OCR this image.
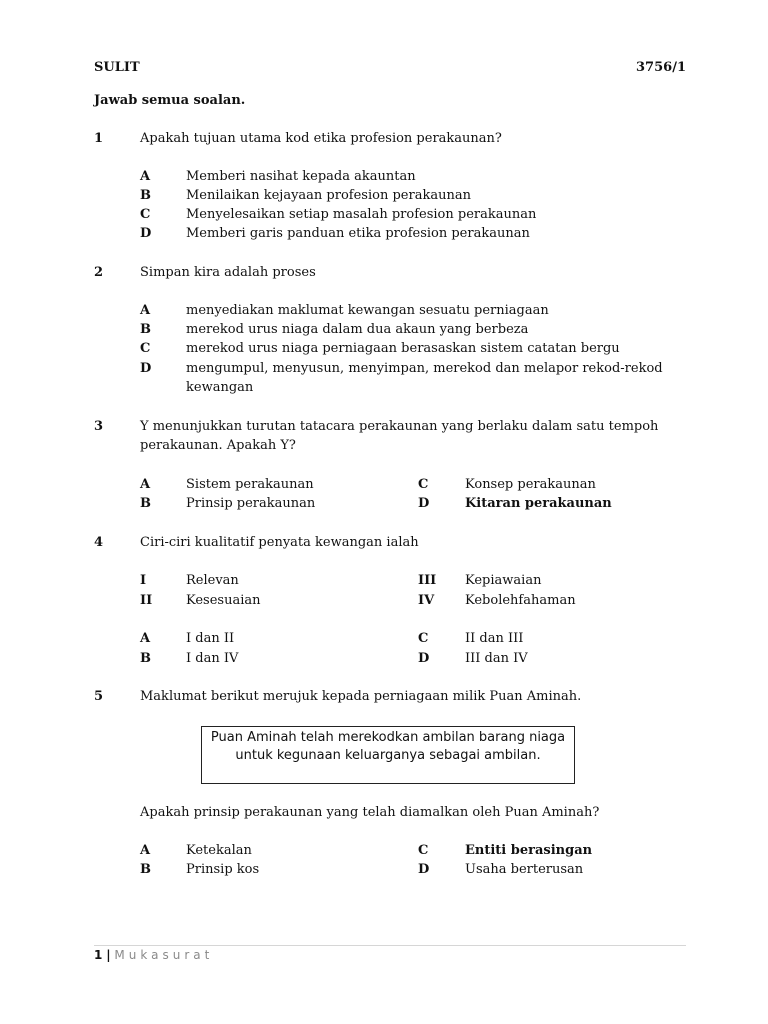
SULIT	3756/1
Jawab semua soalan.
1	Apakah tujuan utama kod etika profesion perakaunan?
A	Memberi nasihat kepada akauntan
B	Menilaikan kejayaan profesion perakaunan
C	Menyelesaikan setiap masalah profesion perakaunan
D	Memberi garis panduan etika profesion perakaunan
2	Simpan kira adalah proses
A	menyediakan maklumat kewangan sesuatu perniagaan
B	merekod urus niaga dalam dua akaun yang berbeza
C	merekod urus niaga perniagaan berasaskan sistem catatan bergu
D	mengumpul, menyusun, menyimpan, merekod dan melapor rekod-rekod
kewangan
3	Y menunjukkan turutan tatacara perakaunan yang berlaku dalam satu tempoh
perakaunan. Apakah Y?
A	Sistem perakaunan
B	Prinsip perakaunan
C	Konsep perakaunan
D	Kitaran perakaunan
4	Ciri-ciri kualitatif penyata kewangan ialah
I	Relevan
II	Kesesuaian
III Kepiawaian
IV Kebolehfahaman
A	I dan II
B	I dan IV
C	II dan III
D	III dan IV
5	Maklumat berikut merujuk kepada perniagaan milik Puan Aminah.
Puan Aminah telah merekodkan ambilan barang niaga untuk kegunaan keluarganya sebagai ambilan.
Apakah prinsip perakaunan yang telah diamalkan oleh Puan Aminah?
A	Ketekalan
B	Prinsip kos
C	Entiti berasingan
D	Usaha berterusan
1 | Mukasurat
